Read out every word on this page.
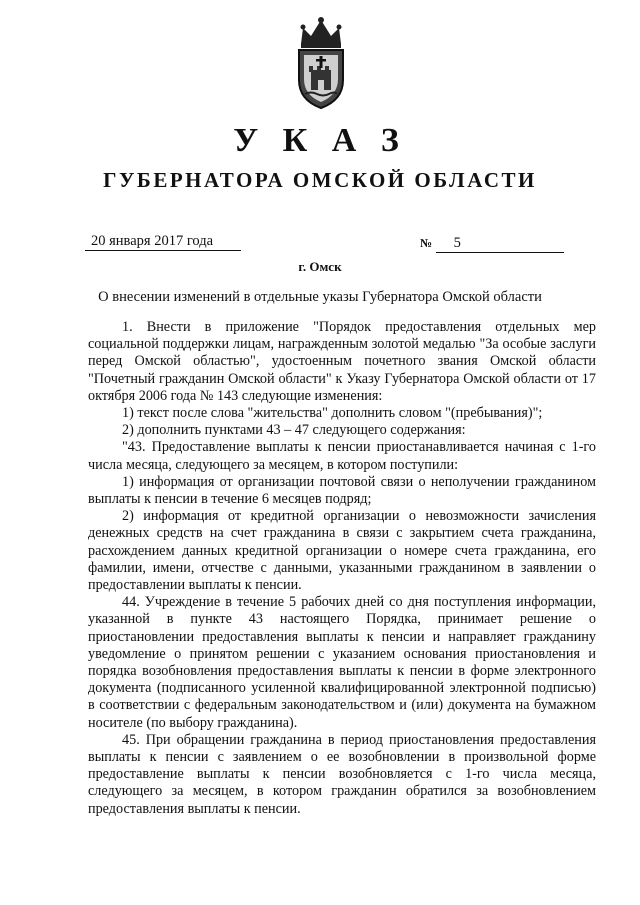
У К А З
ГУБЕРНАТОРА ОМСКОЙ ОБЛАСТИ
20 января 2017 года	№ 5
г. Омск
О внесении изменений в отдельные указы Губернатора Омской области

1. Внести в приложение "Порядок предоставления отдельных мер социальной поддержки лицам, награжденным золотой медалью "За особые заслуги перед Омской областью", удостоенным почетного звания Омской области "Почетный гражданин Омской области" к Указу Губернатора Омской области от 17 октября 2006 года № 143 следующие изменения:

1) текст после слова "жительства" дополнить словом "(пребывания)";

2) дополнить пунктами 43 – 47 следующего содержания:

"43. Предоставление выплаты к пенсии приостанавливается начиная с 1-го числа месяца, следующего за месяцем, в котором поступили:

1) информация от организации почтовой связи о неполучении гражданином выплаты к пенсии в течение 6 месяцев подряд;

2) информация от кредитной организации о невозможности зачисления денежных средств на счет гражданина в связи с закрытием счета гражданина, расхождением данных кредитной организации о номере счета гражданина, его фамилии, имени, отчестве с данными, указанными гражданином в заявлении о предоставлении выплаты к пенсии.

44. Учреждение в течение 5 рабочих дней со дня поступления информации, указанной в пункте 43 настоящего Порядка, принимает решение о приостановлении предоставления выплаты к пенсии и направляет гражданину уведомление о принятом решении с указанием основания приостановления и порядка возобновления предоставления выплаты к пенсии в форме электронного документа (подписанного усиленной квалифицированной электронной подписью) в соответствии с федеральным законодательством и (или) документа на бумажном носителе (по выбору гражданина).

45. При обращении гражданина в период приостановления предоставления выплаты к пенсии с заявлением о ее возобновлении в произвольной форме предоставление выплаты к пенсии возобновляется с 1-го числа месяца, следующего за месяцем, в котором гражданин обратился за возобновлением предоставления выплаты к пенсии.
